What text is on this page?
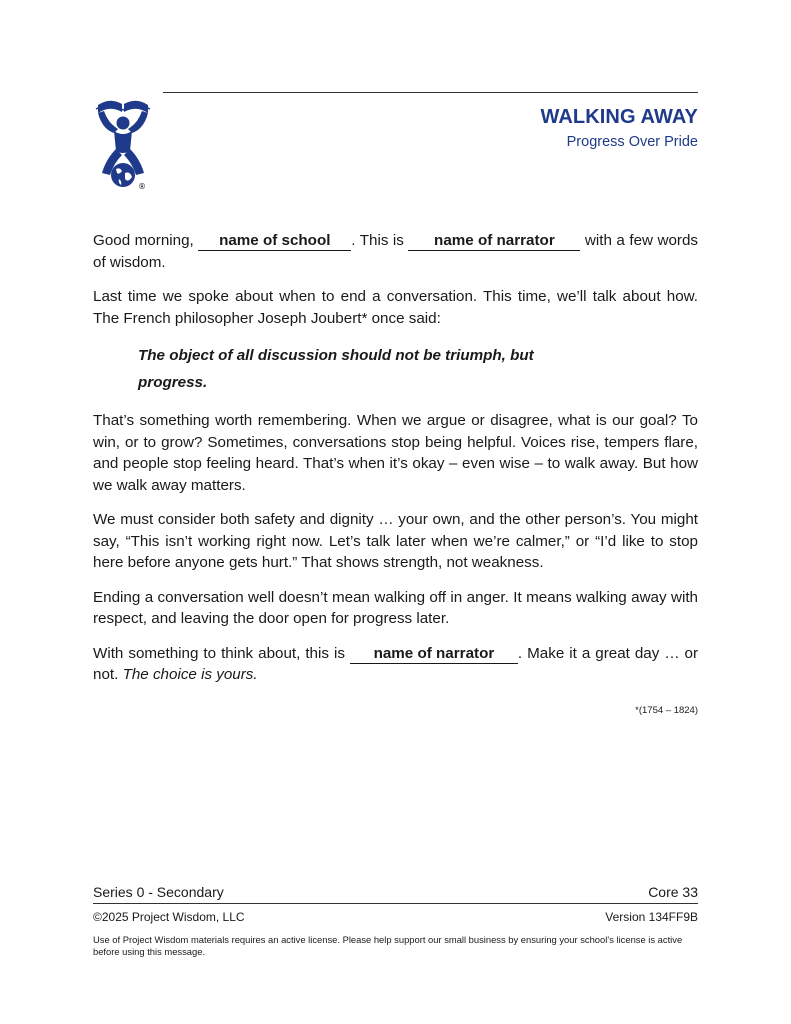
®
WALKING AWAY
Progress Over Pride

Good morning, name of school . This is name of narrator with a few words of wisdom.

Last time we spoke about when to end a conversation. This time, we’ll talk about how. The French philosopher Joseph Joubert* once said:

The object of all discussion should not be triumph, but progress.

That’s something worth remembering. When we argue or disagree, what is our goal? To win, or to grow? Sometimes, conversations stop being helpful. Voices rise, tempers flare, and people stop feeling heard. That’s when it’s okay – even wise – to walk away. But how we walk away matters.

We must consider both safety and dignity … your own, and the other person’s. You might say, “This isn’t working right now. Let’s talk later when we’re calmer,” or “I’d like to stop here before anyone gets hurt.” That shows strength, not weakness.

Ending a conversation well doesn’t mean walking off in anger. It means walking away with respect, and leaving the door open for progress later.

With something to think about, this is name of narrator . Make it a great day … or not. The choice is yours.

*(1754 – 1824)
Series 0 - Secondary	Core 33
©2025 Project Wisdom, LLC	Version 134FF9B
Use of Project Wisdom materials requires an active license. Please help support our small business by ensuring your school’s license is active before using this message.
